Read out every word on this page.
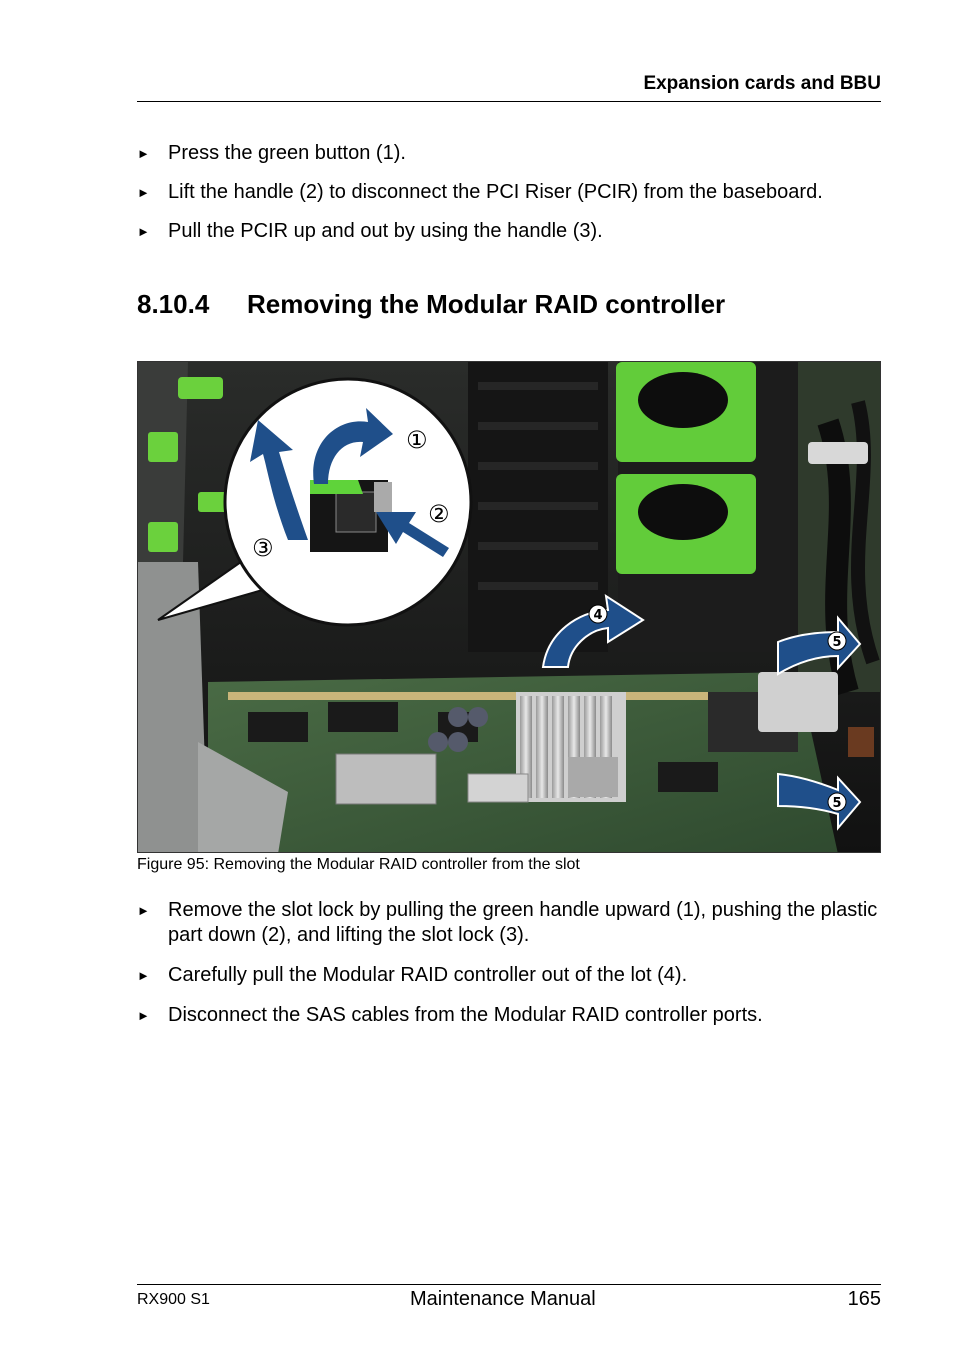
Expansion cards and BBU
► Press the green button (1).
► Lift the handle (2) to disconnect the PCI Riser (PCIR) from the baseboard.
► Pull the PCIR up and out by using the handle (3).
8.10.4 Removing the Modular RAID controller
①
②
③
4
5
5
Figure 95: Removing the Modular RAID controller from the slot
► Remove the slot lock by pulling the green handle upward (1), pushing the plastic part down (2), and lifting the slot lock (3).
► Carefully pull the Modular RAID controller out of the lot (4).
► Disconnect the SAS cables from the Modular RAID controller ports.
RX900 S1	Maintenance Manual	165
